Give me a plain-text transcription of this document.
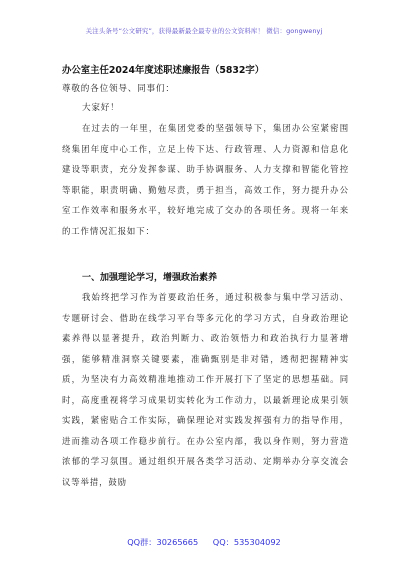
关注头条号“公文研究”，获得最新最全最专业的公文资料库！ 微信：gongwenyj
办公室主任2024年度述职述廉报告（5832字）
尊敬的各位领导、同事们：
大家好！

在过去的一年里，在集团党委的坚强领导下，集团办公室紧密围绕集团年度中心工作，立足上传下达、行政管理、人力资源和信息化建设等职责，充分发挥参谋、助手协调服务、人力支撑和智能化管控等职能，职责明确、勤勉尽责，勇于担当，高效工作，努力提升办公室工作效率和服务水平，较好地完成了交办的各项任务。现将一年来的工作情况汇报如下：

一、加强理论学习，增强政治素养

我始终把学习作为首要政治任务，通过积极参与集中学习活动、专题研讨会、借助在线学习平台等多元化的学习方式，自身政治理论素养得以显著提升，政治判断力、政治领悟力和政治执行力显著增强，能够精准洞察关键要素，准确甄别是非对错，透彻把握精神实质，为坚决有力高效精准地推动工作开展打下了坚定的思想基础。同时，高度重视将学习成果切实转化为工作动力，以最新理论成果引领实践，紧密贴合工作实际，确保理论对实践发挥强有力的指导作用，进而推动各项工作稳步前行。在办公室内部，我以身作则，努力营造浓郁的学习氛围。通过组织开展各类学习活动、定期举办分享交流会议等举措，鼓励

QQ群：30265665 QQ：535304092
